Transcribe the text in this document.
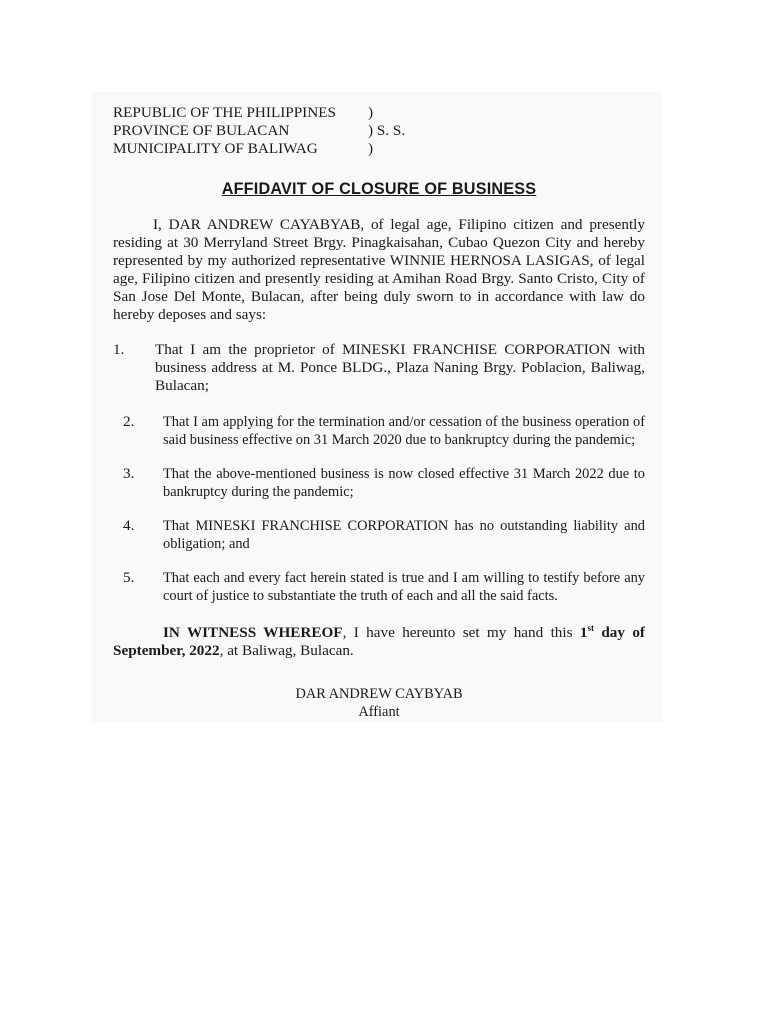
REPUBLIC OF THE PHILIPPINES	)
PROVINCE OF BULACAN	) S. S.
MUNICIPALITY OF BALIWAG	)
AFFIDAVIT OF CLOSURE OF BUSINESS

I, DAR ANDREW CAYABYAB, of legal age, Filipino citizen and presently residing at 30 Merryland Street Brgy. Pinagkaisahan, Cubao Quezon City and hereby represented by my authorized representative WINNIE HERNOSA LASIGAS, of legal age, Filipino citizen and presently residing at Amihan Road Brgy. Santo Cristo, City of San Jose Del Monte, Bulacan, after being duly sworn to in accordance with law do hereby deposes and says:

1.	That I am the proprietor of MINESKI FRANCHISE CORPORATION with business address at M. Ponce BLDG., Plaza Naning Brgy. Poblacion, Baliwag, Bulacan;
2.	That I am applying for the termination and/or cessation of the business operation of said business effective on 31 March 2020 due to bankruptcy during the pandemic;
3.	That the above-mentioned business is now closed effective 31 March 2022 due to bankruptcy during the pandemic;
4.	That MINESKI FRANCHISE CORPORATION has no outstanding liability and obligation; and
5.	That each and every fact herein stated is true and I am willing to testify before any court of justice to substantiate the truth of each and all the said facts.

IN WITNESS WHEREOF, I have hereunto set my hand this 1st day of September, 2022, at Baliwag, Bulacan.

DAR ANDREW CAYBYAB
Affiant
